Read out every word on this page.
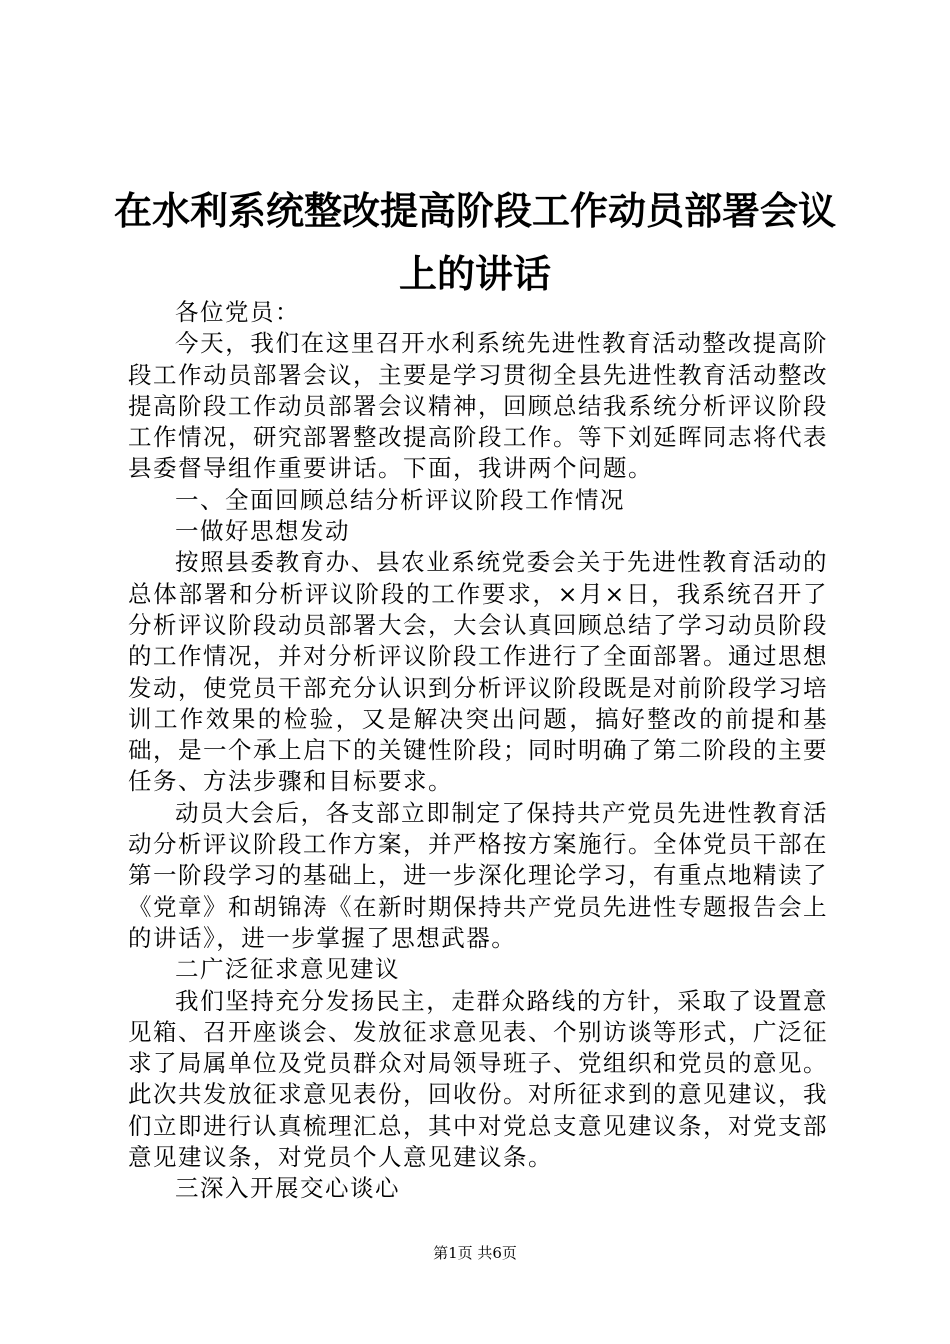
在水利系统整改提高阶段工作动员部署会议上的讲话

各位党员：

今天，我们在这里召开水利系统先进性教育活动整改提高阶段工作动员部署会议，主要是学习贯彻全县先进性教育活动整改提高阶段工作动员部署会议精神，回顾总结我系统分析评议阶段工作情况，研究部署整改提高阶段工作。等下刘延晖同志将代表县委督导组作重要讲话。下面，我讲两个问题。

一、全面回顾总结分析评议阶段工作情况

一做好思想发动

按照县委教育办、县农业系统党委会关于先进性教育活动的总体部署和分析评议阶段的工作要求，×月×日，我系统召开了分析评议阶段动员部署大会，大会认真回顾总结了学习动员阶段的工作情况，并对分析评议阶段工作进行了全面部署。通过思想发动，使党员干部充分认识到分析评议阶段既是对前阶段学习培训工作效果的检验，又是解决突出问题，搞好整改的前提和基础，是一个承上启下的关键性阶段；同时明确了第二阶段的主要任务、方法步骤和目标要求。

动员大会后，各支部立即制定了保持共产党员先进性教育活动分析评议阶段工作方案，并严格按方案施行。全体党员干部在第一阶段学习的基础上，进一步深化理论学习，有重点地精读了《党章》和胡锦涛《在新时期保持共产党员先进性专题报告会上的讲话》，进一步掌握了思想武器。

二广泛征求意见建议

我们坚持充分发扬民主，走群众路线的方针，采取了设置意见箱、召开座谈会、发放征求意见表、个别访谈等形式，广泛征求了局属单位及党员群众对局领导班子、党组织和党员的意见。此次共发放征求意见表份，回收份。对所征求到的意见建议，我们立即进行认真梳理汇总，其中对党总支意见建议条，对党支部意见建议条，对党员个人意见建议条。

三深入开展交心谈心

第1页 共6页
